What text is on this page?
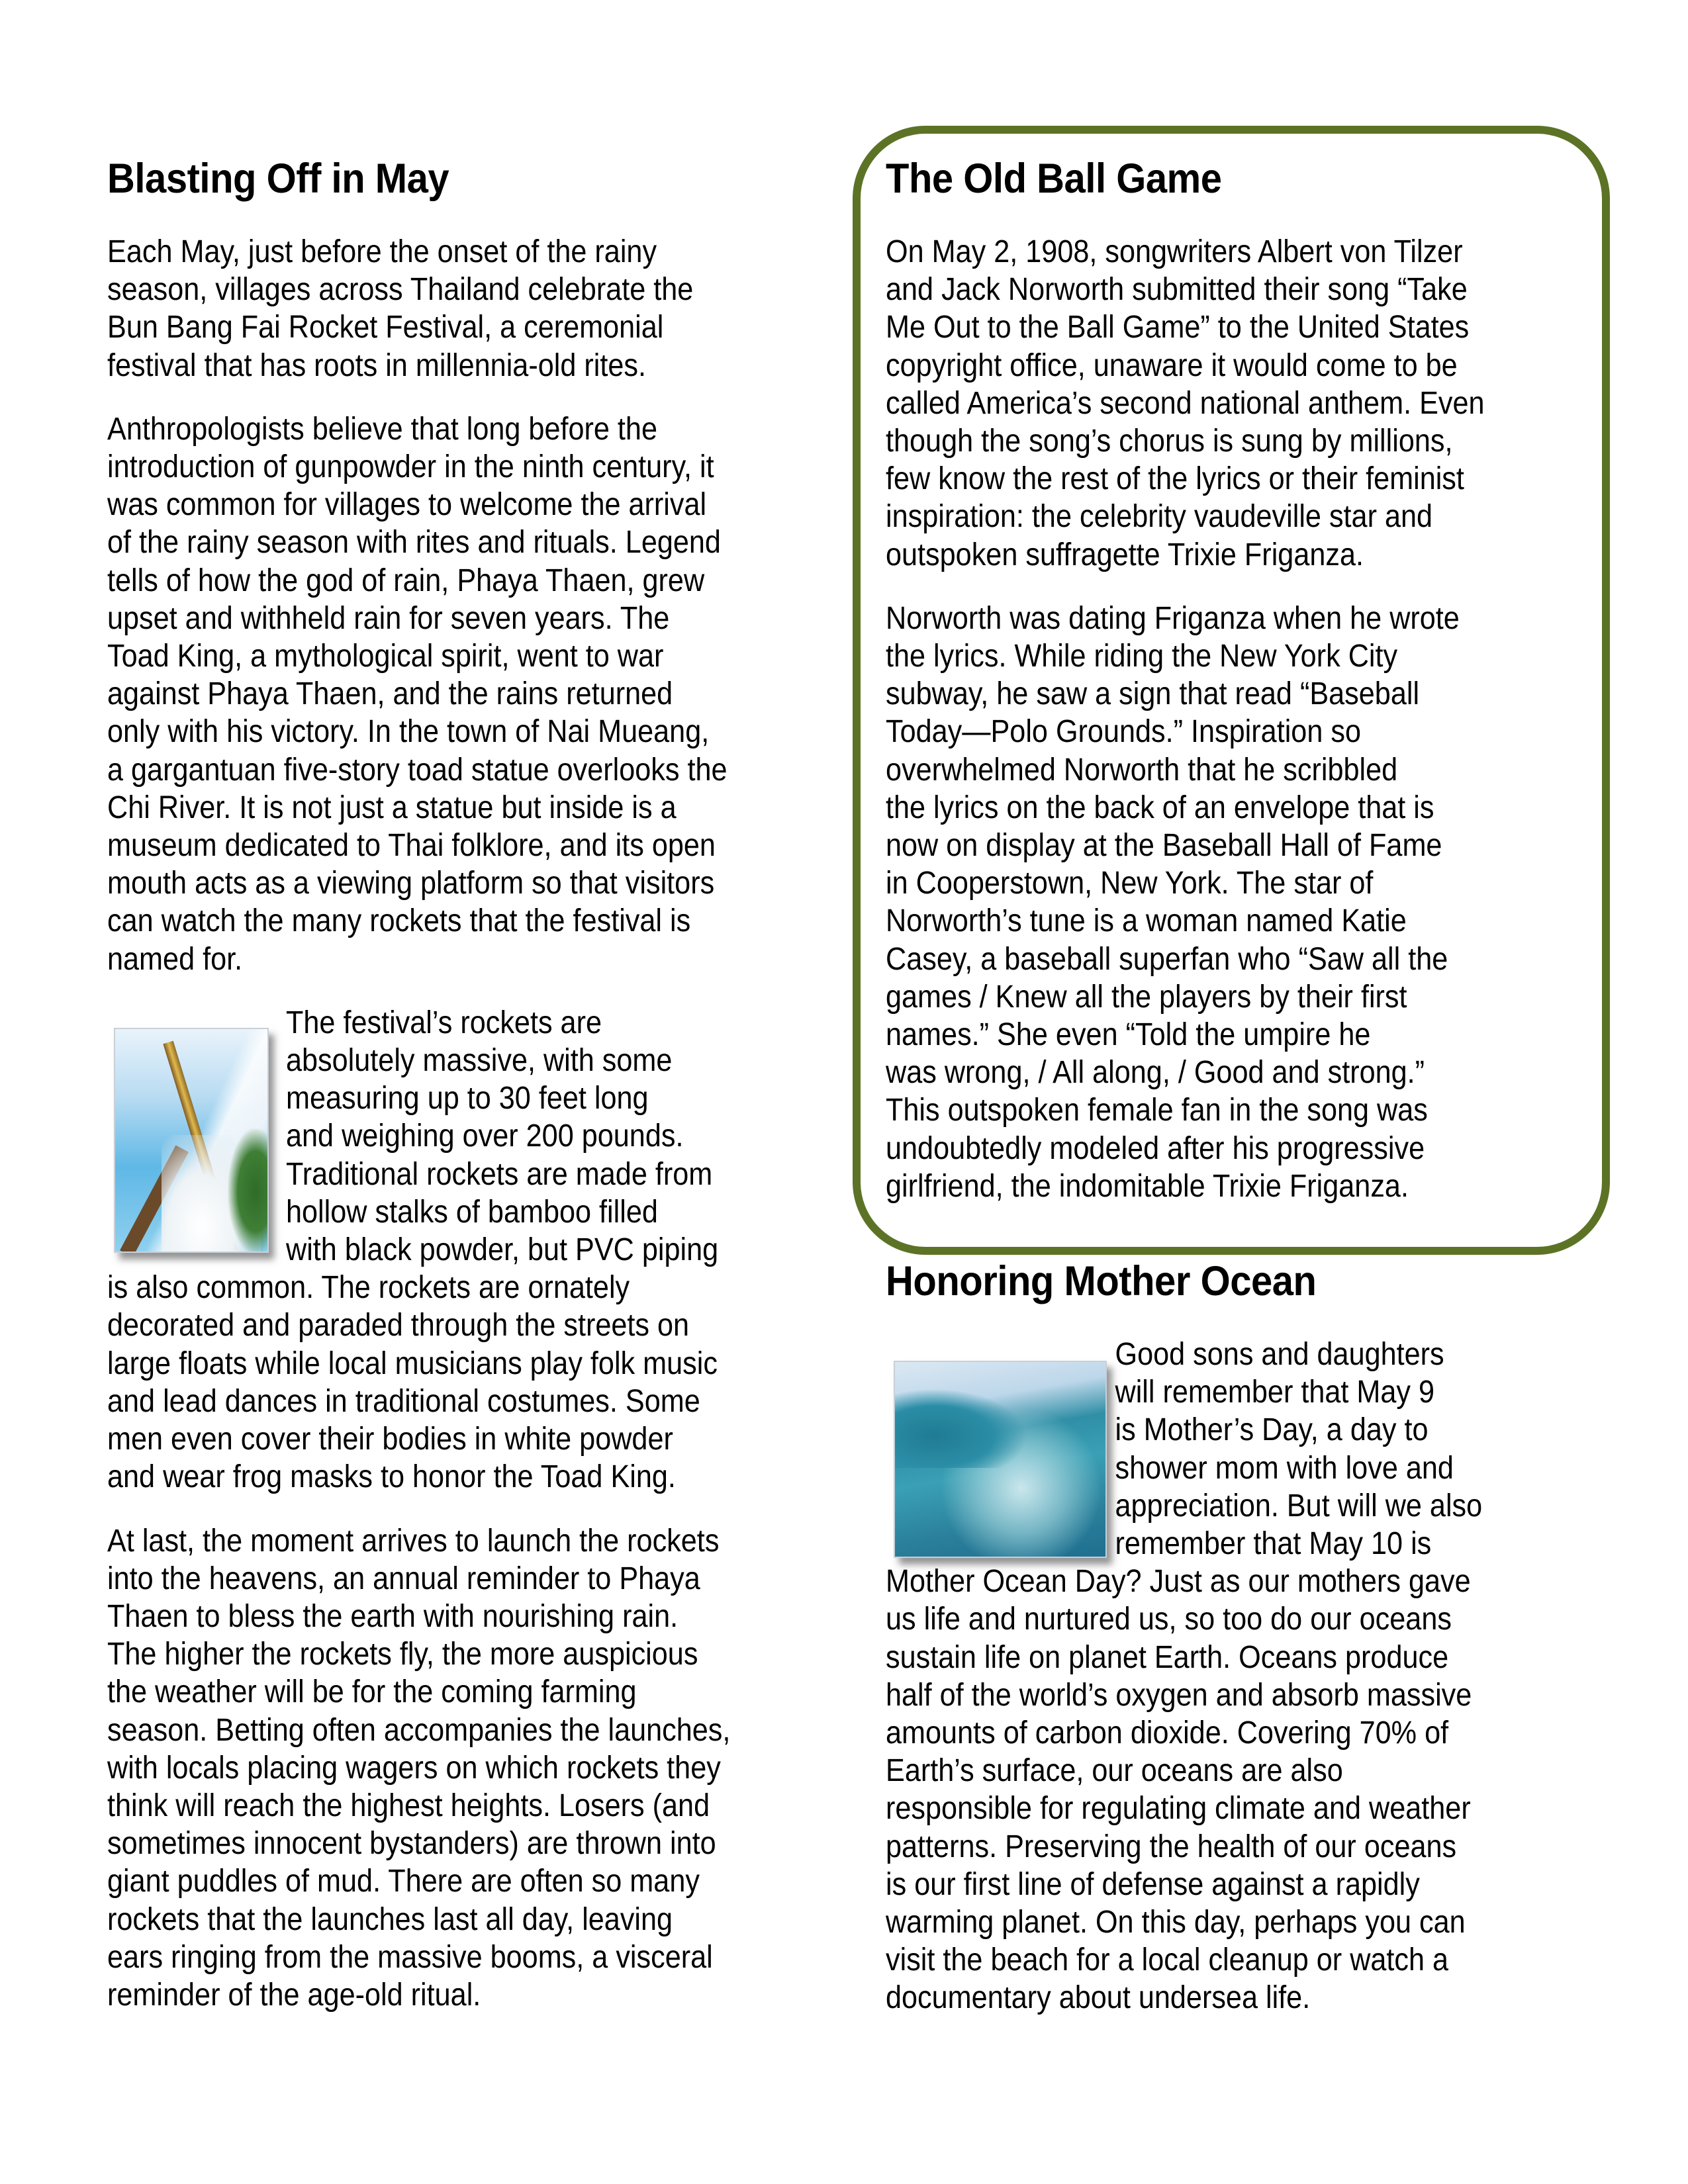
Blasting Off in May

Each May, just before the onset of the rainy
season, villages across Thailand celebrate the
Bun Bang Fai Rocket Festival, a ceremonial
festival that has roots in millennia-old rites.

Anthropologists believe that long before the
introduction of gunpowder in the ninth century, it
was common for villages to welcome the arrival
of the rainy season with rites and rituals. Legend
tells of how the god of rain, Phaya Thaen, grew
upset and withheld rain for seven years. The
Toad King, a mythological spirit, went to war
against Phaya Thaen, and the rains returned
only with his victory. In the town of Nai Mueang,
a gargantuan five-story toad statue overlooks the
Chi River. It is not just a statue but inside is a
museum dedicated to Thai folklore, and its open
mouth acts as a viewing platform so that visitors
can watch the many rockets that the festival is
named for.

The festival’s rockets are
absolutely massive, with some
measuring up to 30 feet long
and weighing over 200 pounds.
Traditional rockets are made from
hollow stalks of bamboo filled
with black powder, but PVC piping
is also common. The rockets are ornately
decorated and paraded through the streets on
large floats while local musicians play folk music
and lead dances in traditional costumes. Some
men even cover their bodies in white powder
and wear frog masks to honor the Toad King.

At last, the moment arrives to launch the rockets
into the heavens, an annual reminder to Phaya
Thaen to bless the earth with nourishing rain.
The higher the rockets fly, the more auspicious
the weather will be for the coming farming
season. Betting often accompanies the launches,
with locals placing wagers on which rockets they
think will reach the highest heights. Losers (and
sometimes innocent bystanders) are thrown into
giant puddles of mud. There are often so many
rockets that the launches last all day, leaving
ears ringing from the massive booms, a visceral
reminder of the age-old ritual.

The Old Ball Game

On May 2, 1908, songwriters Albert von Tilzer
and Jack Norworth submitted their song “Take
Me Out to the Ball Game” to the United States
copyright office, unaware it would come to be
called America’s second national anthem. Even
though the song’s chorus is sung by millions,
few know the rest of the lyrics or their feminist
inspiration: the celebrity vaudeville star and
outspoken suffragette Trixie Friganza.

Norworth was dating Friganza when he wrote
the lyrics. While riding the New York City
subway, he saw a sign that read “Baseball
Today—Polo Grounds.” Inspiration so
overwhelmed Norworth that he scribbled
the lyrics on the back of an envelope that is
now on display at the Baseball Hall of Fame
in Cooperstown, New York. The star of
Norworth’s tune is a woman named Katie
Casey, a baseball superfan who “Saw all the
games / Knew all the players by their first
names.” She even “Told the umpire he
was wrong, / All along, / Good and strong.”
This outspoken female fan in the song was
undoubtedly modeled after his progressive
girlfriend, the indomitable Trixie Friganza.

Honoring Mother Ocean

Good sons and daughters
will remember that May 9
is Mother’s Day, a day to
shower mom with love and
appreciation. But will we also
remember that May 10 is
Mother Ocean Day? Just as our mothers gave
us life and nurtured us, so too do our oceans
sustain life on planet Earth. Oceans produce
half of the world’s oxygen and absorb massive
amounts of carbon dioxide. Covering 70% of
Earth’s surface, our oceans are also
responsible for regulating climate and weather
patterns. Preserving the health of our oceans
is our first line of defense against a rapidly
warming planet. On this day, perhaps you can
visit the beach for a local cleanup or watch a
documentary about undersea life.
